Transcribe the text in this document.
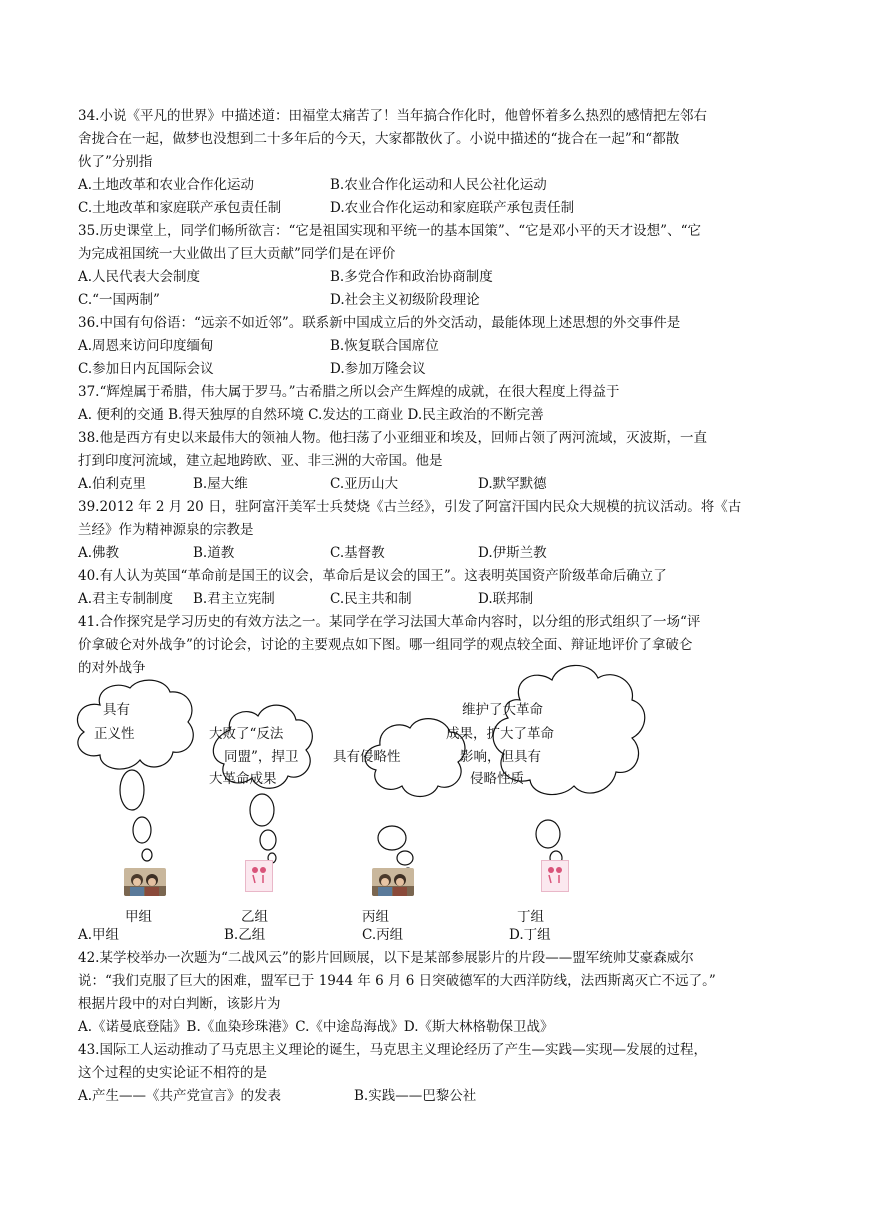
34.小说《平凡的世界》中描述道：田福堂太痛苦了！当年搞合作化时，他曾怀着多么热烈的感情把左邻右
舍拢合在一起，做梦也没想到二十多年后的今天，大家都散伙了。小说中描述的“拢合在一起”和“都散
伙了”分别指
A.土地改革和农业合作化运动	B.农业合作化运动和人民公社化运动
C.土地改革和家庭联产承包责任制	D.农业合作化运动和家庭联产承包责任制
35.历史课堂上，同学们畅所欲言：“它是祖国实现和平统一的基本国策”、“它是邓小平的天才设想”、“它
为完成祖国统一大业做出了巨大贡献”同学们是在评价
A.人民代表大会制度	B.多党合作和政治协商制度
C.“一国两制”	D.社会主义初级阶段理论
36.中国有句俗语：“远亲不如近邻”。联系新中国成立后的外交活动，最能体现上述思想的外交事件是
A.周恩来访问印度缅甸	B.恢复联合国席位
C.参加日内瓦国际会议	D.参加万隆会议
37.“辉煌属于希腊，伟大属于罗马。”古希腊之所以会产生辉煌的成就，在很大程度上得益于
A. 便利的交通 B.得天独厚的自然环境 C.发达的工商业 D.民主政治的不断完善
38.他是西方有史以来最伟大的领袖人物。他扫荡了小亚细亚和埃及，回师占领了两河流域，灭波斯，一直
打到印度河流域，建立起地跨欧、亚、非三洲的大帝国。他是
A.伯利克里	B.屋大维	C.亚历山大	D.默罕默德
39.2012 年 2 月 20 日，驻阿富汗美军士兵焚烧《古兰经》，引发了阿富汗国内民众大规模的抗议活动。将《古
兰经》作为精神源泉的宗教是
A.佛教	B.道教	C.基督教	D.伊斯兰教
40.有人认为英国“革命前是国王的议会，革命后是议会的国王”。这表明英国资产阶级革命后确立了
A.君主专制制度 B.君主立宪制	C.民主共和制	D.联邦制
41.合作探究是学习历史的有效方法之一。某同学在学习法国大革命内容时，以分组的形式组织了一场“评
价拿破仑对外战争”的讨论会，讨论的主要观点如下图。哪一组同学的观点较全面、辩证地评价了拿破仑
的对外战争
具有
正义性	大败了“反法
同盟”，捍卫
大革命成果
具有侵略性
维护了大革命
成果，扩大了革命
影响，但具有
侵略性质
甲组	乙组	丙组	丁组
A.甲组	B.乙组	C.丙组	D.丁组
42.某学校举办一次题为“二战风云”的影片回顾展，以下是某部参展影片的片段——盟军统帅艾豪森威尔
说：“我们克服了巨大的困难，盟军已于 1944 年 6 月 6 日突破德军的大西洋防线，法西斯离灭亡不远了。”
根据片段中的对白判断，该影片为
A.《诺曼底登陆》B.《血染珍珠港》C.《中途岛海战》D.《斯大林格勒保卫战》
43.国际工人运动推动了马克思主义理论的诞生，马克思主义理论经历了产生—实践—实现—发展的过程，
这个过程的史实论证不相符的是
A.产生——《共产党宣言》的发表	B.实践——巴黎公社
